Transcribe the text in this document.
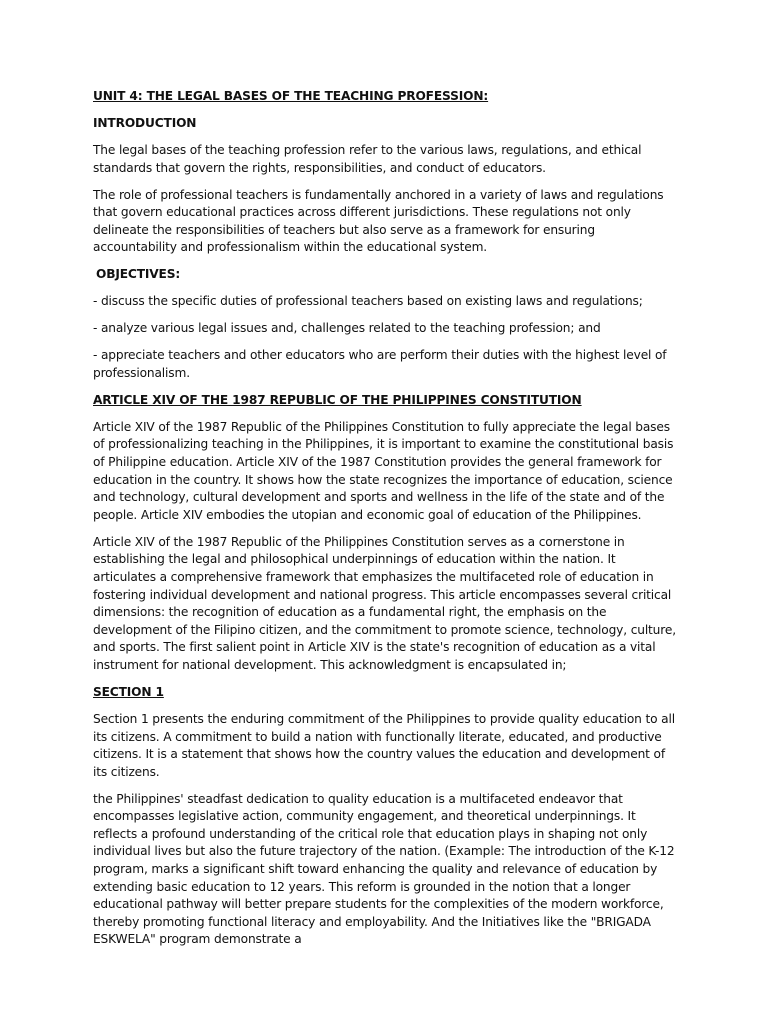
UNIT 4: THE LEGAL BASES OF THE TEACHING PROFESSION:

INTRODUCTION

The legal bases of the teaching profession refer to the various laws, regulations, and ethical standards that govern the rights, responsibilities, and conduct of educators.

The role of professional teachers is fundamentally anchored in a variety of laws and regulations that govern educational practices across different jurisdictions. These regulations not only delineate the responsibilities of teachers but also serve as a framework for ensuring accountability and professionalism within the educational system.

OBJECTIVES:

- discuss the specific duties of professional teachers based on existing laws and regulations;

- analyze various legal issues and, challenges related to the teaching profession; and

- appreciate teachers and other educators who are perform their duties with the highest level of professionalism.

ARTICLE XIV OF THE 1987 REPUBLIC OF THE PHILIPPINES CONSTITUTION

Article XIV of the 1987 Republic of the Philippines Constitution to fully appreciate the legal bases of professionalizing teaching in the Philippines, it is important to examine the constitutional basis of Philippine education. Article XIV of the 1987 Constitution provides the general framework for education in the country. It shows how the state recognizes the importance of education, science and technology, cultural development and sports and wellness in the life of the state and of the people. Article XIV embodies the utopian and economic goal of education of the Philippines.

Article XIV of the 1987 Republic of the Philippines Constitution serves as a cornerstone in establishing the legal and philosophical underpinnings of education within the nation. It articulates a comprehensive framework that emphasizes the multifaceted role of education in fostering individual development and national progress. This article encompasses several critical dimensions: the recognition of education as a fundamental right, the emphasis on the development of the Filipino citizen, and the commitment to promote science, technology, culture, and sports. The first salient point in Article XIV is the state's recognition of education as a vital instrument for national development. This acknowledgment is encapsulated in;

SECTION 1

Section 1 presents the enduring commitment of the Philippines to provide quality education to all its citizens. A commitment to build a nation with functionally literate, educated, and productive citizens. It is a statement that shows how the country values the education and development of its citizens.

the Philippines' steadfast dedication to quality education is a multifaceted endeavor that encompasses legislative action, community engagement, and theoretical underpinnings. It reflects a profound understanding of the critical role that education plays in shaping not only individual lives but also the future trajectory of the nation. (Example: The introduction of the K-12 program, marks a significant shift toward enhancing the quality and relevance of education by extending basic education to 12 years. This reform is grounded in the notion that a longer educational pathway will better prepare students for the complexities of the modern workforce, thereby promoting functional literacy and employability. And the Initiatives like the "BRIGADA ESKWELA" program demonstrate a
